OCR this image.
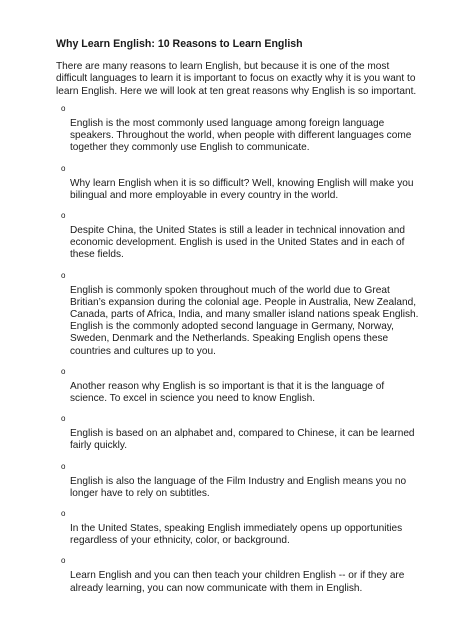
Why Learn English: 10 Reasons to Learn English
There are many reasons to learn English, but because it is one of the most difficult languages to learn it is important to focus on exactly why it is you want to learn English. Here we will look at ten great reasons why English is so important.
o
English is the most commonly used language among foreign language speakers. Throughout the world, when people with different languages come together they commonly use English to communicate.
o
Why learn English when it is so difficult? Well, knowing English will make you bilingual and more employable in every country in the world.
o
Despite China, the United States is still a leader in technical innovation and economic development. English is used in the United States and in each of these fields.
o
English is commonly spoken throughout much of the world due to Great Britian’s expansion during the colonial age. People in Australia, New Zealand, Canada, parts of Africa, India, and many smaller island nations speak English. English is the commonly adopted second language in Germany, Norway, Sweden, Denmark and the Netherlands. Speaking English opens these countries and cultures up to you.
o
Another reason why English is so important is that it is the language of science. To excel in science you need to know English.
o
English is based on an alphabet and, compared to Chinese, it can be learned fairly quickly.
o
English is also the language of the Film Industry and English means you no longer have to rely on subtitles.
o
In the United States, speaking English immediately opens up opportunities regardless of your ethnicity, color, or background.
o
Learn English and you can then teach your children English -- or if they are already learning, you can now communicate with them in English.
